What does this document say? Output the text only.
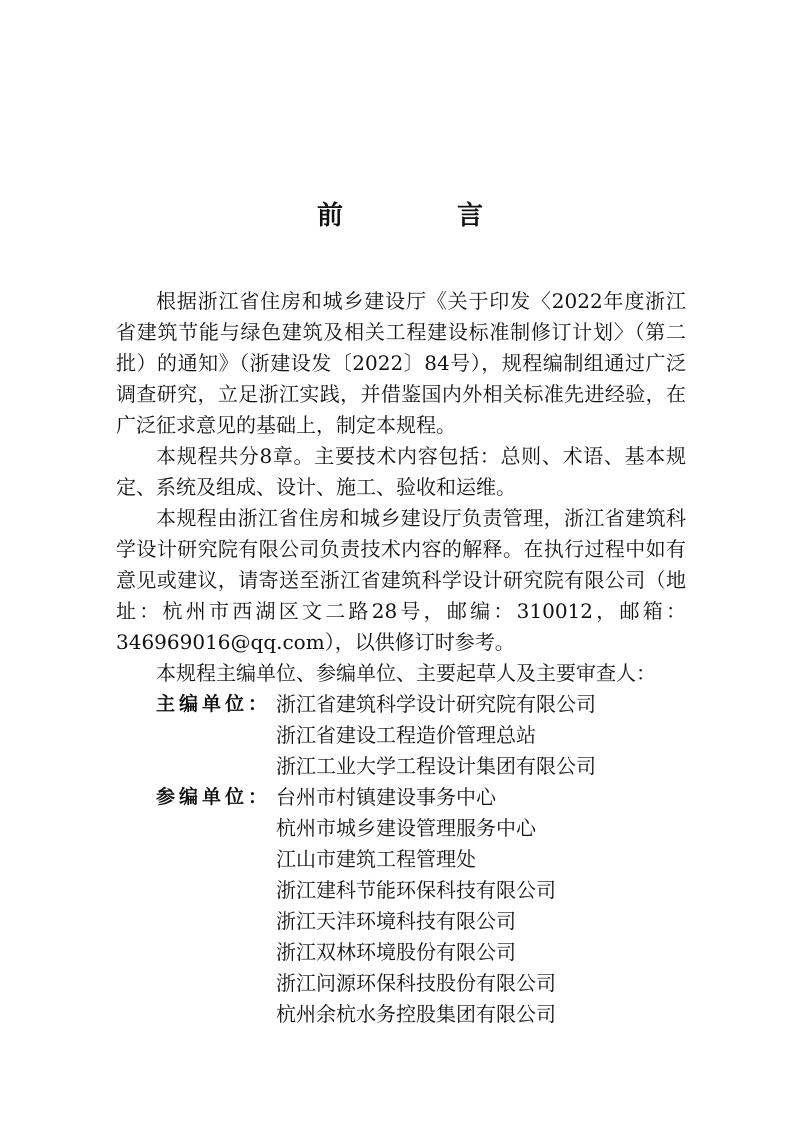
前　言

根据浙江省住房和城乡建设厅《关于印发〈2022年度浙江省建筑节能与绿色建筑及相关工程建设标准制修订计划〉（第二批）的通知》（浙建设发〔2022〕84号），规程编制组通过广泛调查研究，立足浙江实践，并借鉴国内外相关标准先进经验，在广泛征求意见的基础上，制定本规程。

本规程共分8章。主要技术内容包括：总则、术语、基本规定、系统及组成、设计、施工、验收和运维。

本规程由浙江省住房和城乡建设厅负责管理，浙江省建筑科学设计研究院有限公司负责技术内容的解释。在执行过程中如有意见或建议，请寄送至浙江省建筑科学设计研究院有限公司（地址：杭州市西湖区文二路28号，邮编：310012，邮箱：346969016@qq.com），以供修订时参考。

本规程主编单位、参编单位、主要起草人及主要审查人：

主编单位： 浙江省建筑科学设计研究院有限公司
浙江省建设工程造价管理总站
浙江工业大学工程设计集团有限公司
参编单位： 台州市村镇建设事务中心
杭州市城乡建设管理服务中心
江山市建筑工程管理处
浙江建科节能环保科技有限公司
浙江天沣环境科技有限公司
浙江双林环境股份有限公司
浙江问源环保科技股份有限公司
杭州余杭水务控股集团有限公司
